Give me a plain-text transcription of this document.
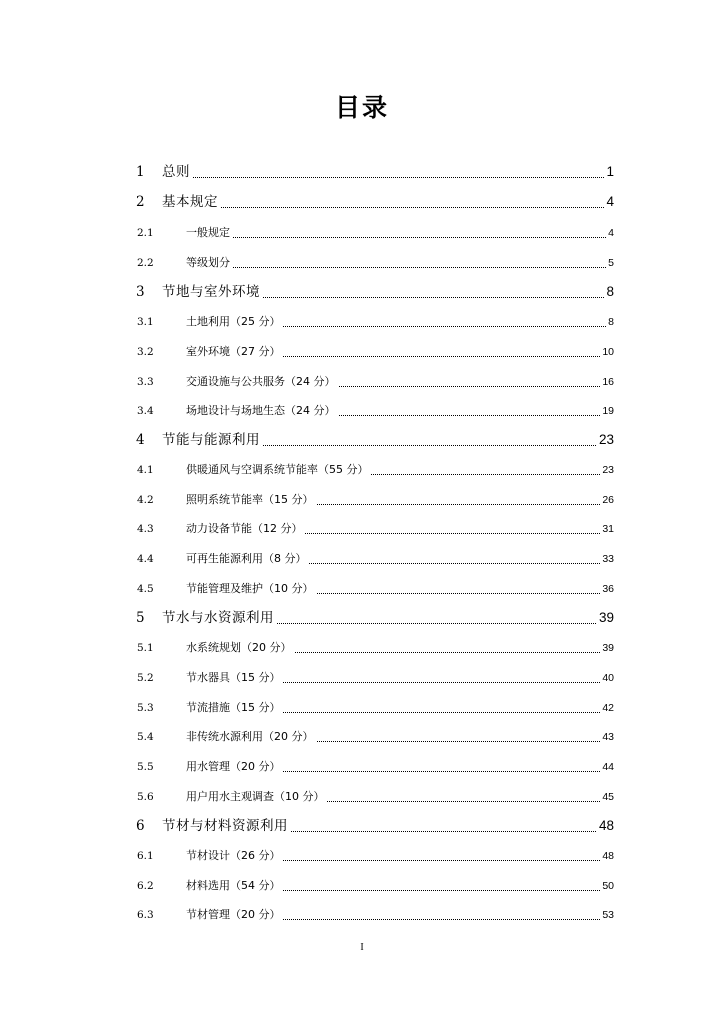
目录
1 总则	1
2 基本规定	4
2.1	一般规定	4
2.2	等级划分	5
3 节地与室外环境	8
3.1	土地利用（25 分）	8
3.2	室外环境（27 分）	10
3.3	交通设施与公共服务（24 分）	16
3.4	场地设计与场地生态（24 分）	19
4 节能与能源利用	23
4.1	供暖通风与空调系统节能率（55 分）	23
4.2	照明系统节能率（15 分）	26
4.3	动力设备节能（12 分）	31
4.4	可再生能源利用（8 分）	33
4.5	节能管理及维护（10 分）	36
5 节水与水资源利用	39
5.1	水系统规划（20 分）	39
5.2	节水器具（15 分）	40
5.3	节流措施（15 分）	42
5.4	非传统水源利用（20 分）	43
5.5	用水管理（20 分）	44
5.6	用户用水主观调查（10 分）	45
6 节材与材料资源利用	48
6.1	节材设计（26 分）	48
6.2	材料选用（54 分）	50
6.3	节材管理（20 分）	53
I
